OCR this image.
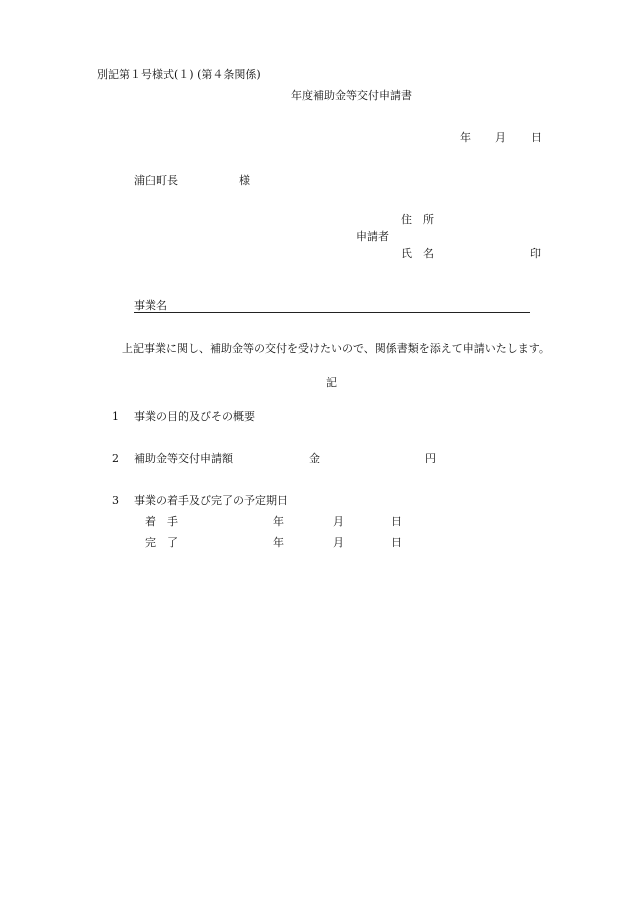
別記第１号様式(１) (第４条関係)
年度補助金等交付申請書
年 月 日
浦臼町長	様
住　所
申請者
氏　名	印
事業名
上記事業に関し、補助金等の交付を受けたいので、関係書類を添えて申請いたします。
記
1 事業の目的及びその概要
2 補助金等交付申請額	金	円
3 事業の着手及び完了の予定期日
着　手	年	月	日
完　了	年	月	日
